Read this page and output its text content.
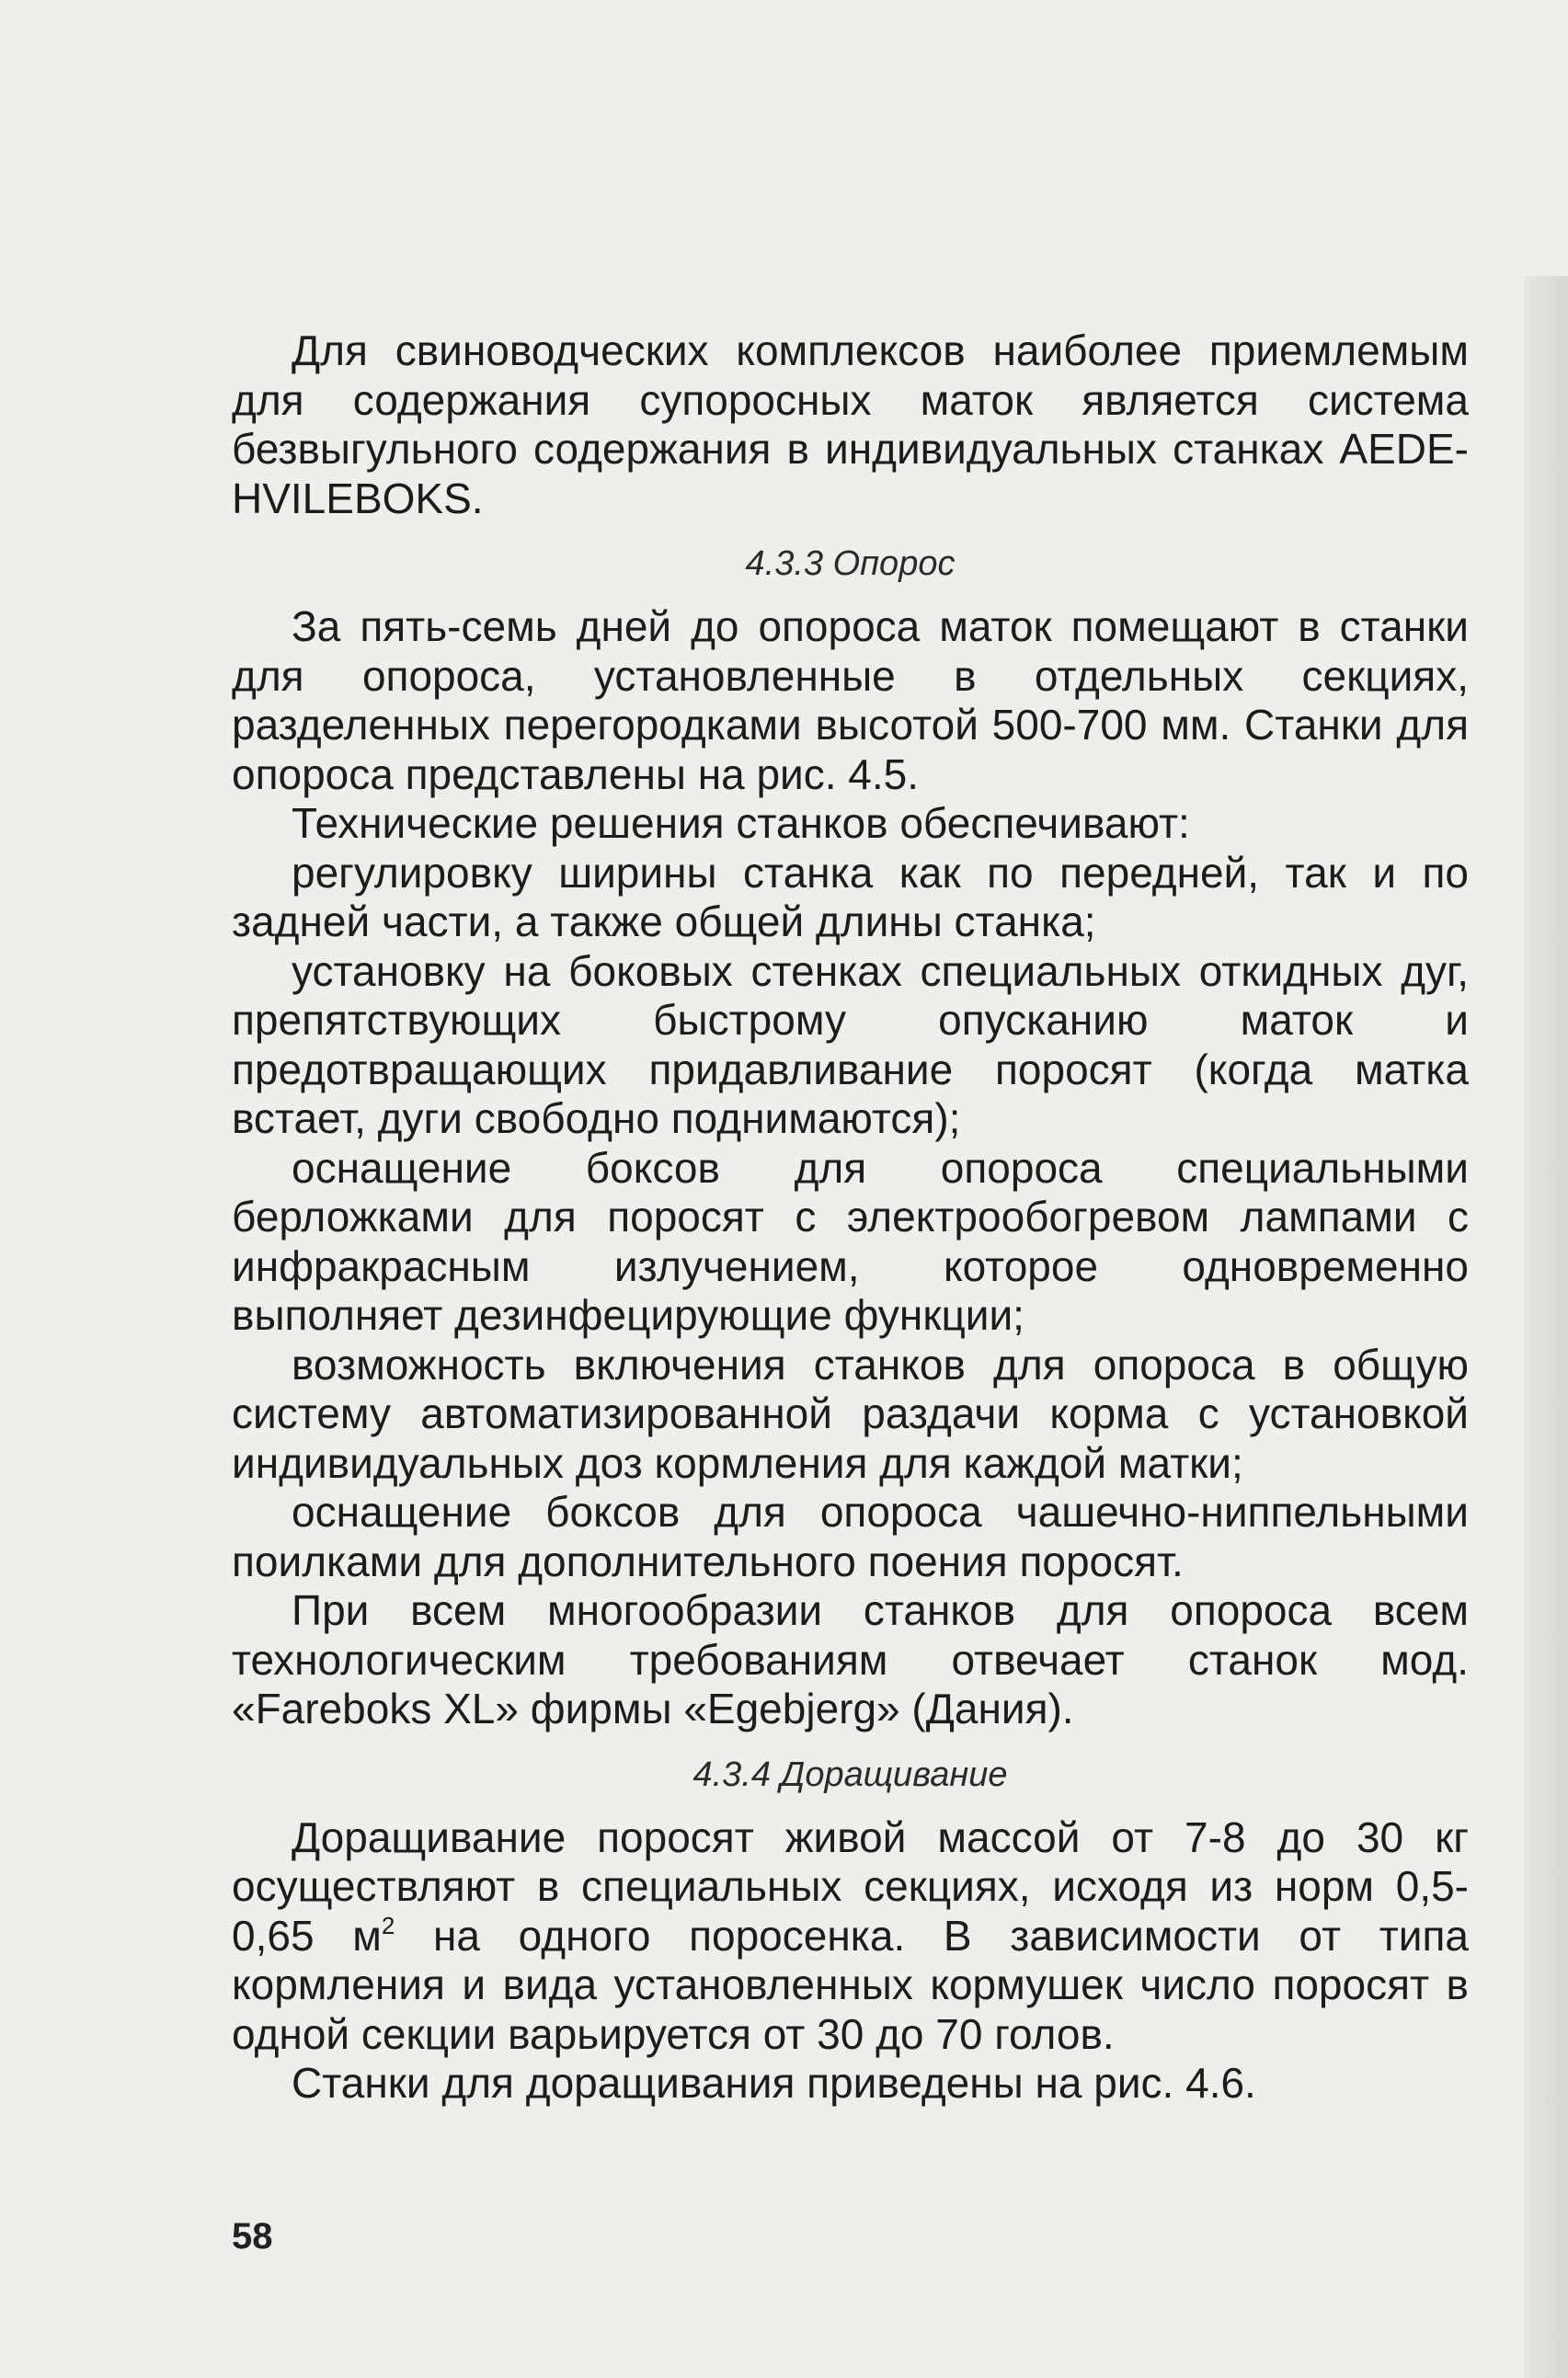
Для свиноводческих комплексов наиболее приемлемым для содержания супоросных маток является система безвыгульного содержания в индивидуальных станках AEDE-HVILEBOKS.

4.3.3 Опорос

За пять-семь дней до опороса маток помещают в станки для опороса, установленные в отдельных секциях, разделенных перегородками высотой 500-700 мм. Станки для опороса представлены на рис. 4.5.

Технические решения станков обеспечивают:

регулировку ширины станка как по передней, так и по задней части, а также общей длины станка;

установку на боковых стенках специальных откидных дуг, препятствующих быстрому опусканию маток и предотвращающих придавливание поросят (когда матка встает, дуги свободно поднимаются);

оснащение боксов для опороса специальными берложками для поросят с электрообогревом лампами с инфракрасным излучением, которое одновременно выполняет дезинфецирующие функции;

возможность включения станков для опороса в общую систему автоматизированной раздачи корма с установкой индивидуальных доз кормления для каждой матки;

оснащение боксов для опороса чашечно-ниппельными поилками для дополнительного поения поросят.

При всем многообразии станков для опороса всем технологическим требованиям отвечает станок мод. «Fareboks XL» фирмы «Egebjerg» (Дания).

4.3.4 Доращивание

Доращивание поросят живой массой от 7-8 до 30 кг осуществляют в специальных секциях, исходя из норм 0,5-0,65 $м^2$ на одного поросенка. В зависимости от типа кормления и вида установленных кормушек число поросят в одной секции варьируется от 30 до 70 голов.

Станки для доращивания приведены на рис. 4.6.

58
